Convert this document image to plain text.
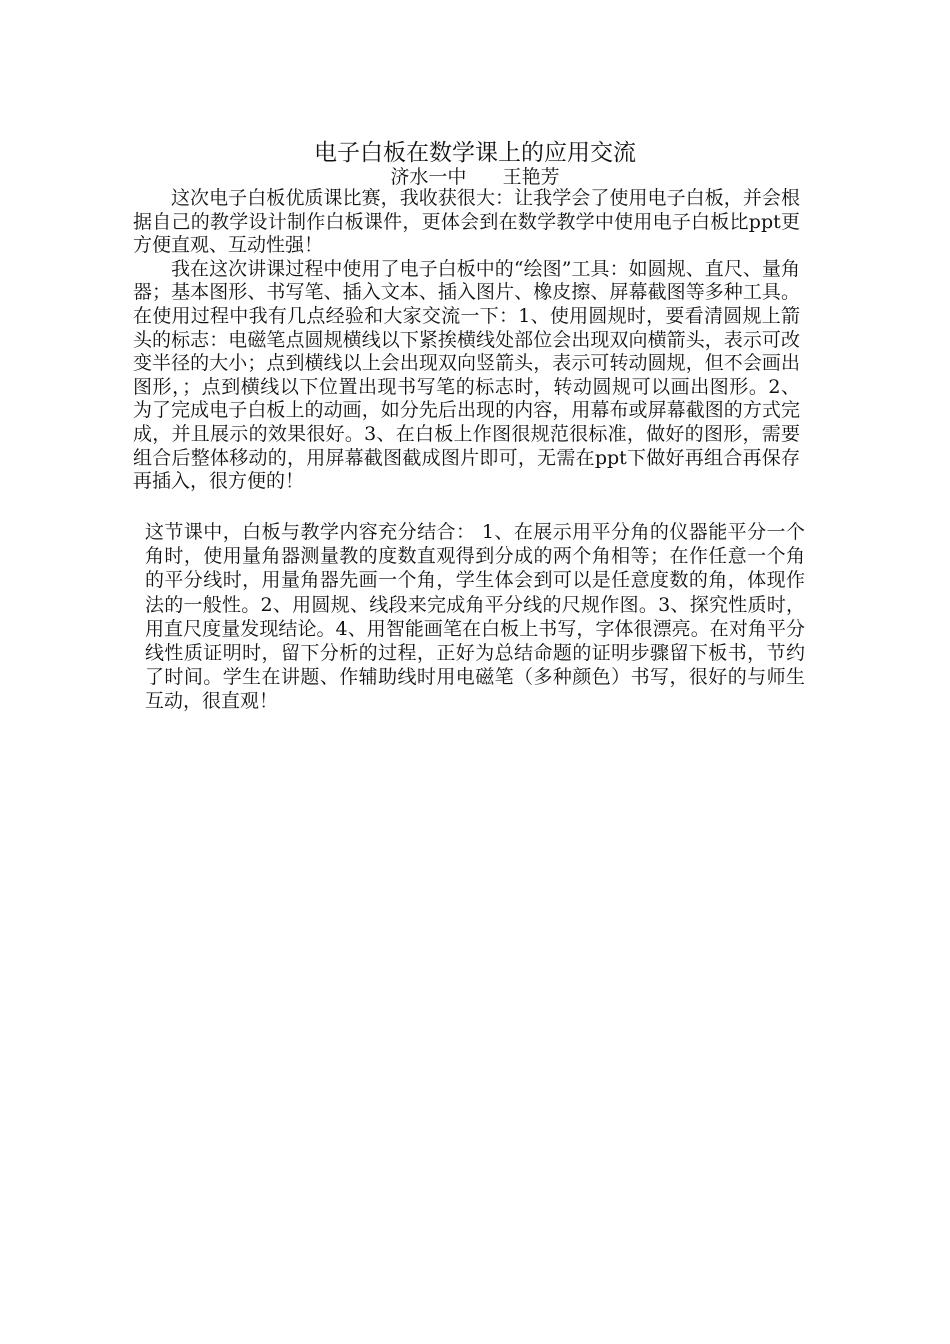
电子白板在数学课上的应用交流
济水一中      王艳芳

这次电子白板优质课比赛，我收获很大：让我学会了使用电子白板，并会根据自己的教学设计制作白板课件，更体会到在数学教学中使用电子白板比ppt更方便直观、互动性强！

我在这次讲课过程中使用了电子白板中的“绘图”工具：如圆规、直尺、量角器；基本图形、书写笔、插入文本、插入图片、橡皮擦、屏幕截图等多种工具。在使用过程中我有几点经验和大家交流一下：1、使用圆规时，要看清圆规上箭头的标志：电磁笔点圆规横线以下紧挨横线处部位会出现双向横箭头，表示可改变半径的大小；点到横线以上会出现双向竖箭头，表示可转动圆规，但不会画出图形，；点到横线以下位置出现书写笔的标志时，转动圆规可以画出图形。2、为了完成电子白板上的动画，如分先后出现的内容，用幕布或屏幕截图的方式完成，并且展示的效果很好。3、在白板上作图很规范很标准，做好的图形，需要组合后整体移动的，用屏幕截图截成图片即可，无需在ppt下做好再组合再保存再插入，很方便的！

这节课中，白板与教学内容充分结合： 1、在展示用平分角的仪器能平分一个角时，使用量角器测量教的度数直观得到分成的两个角相等；在作任意一个角的平分线时，用量角器先画一个角，学生体会到可以是任意度数的角，体现作法的一般性。2、用圆规、线段来完成角平分线的尺规作图。3、探究性质时，用直尺度量发现结论。4、用智能画笔在白板上书写，字体很漂亮。在对角平分线性质证明时，留下分析的过程，正好为总结命题的证明步骤留下板书，节约了时间。学生在讲题、作辅助线时用电磁笔（多种颜色）书写，很好的与师生互动，很直观！
